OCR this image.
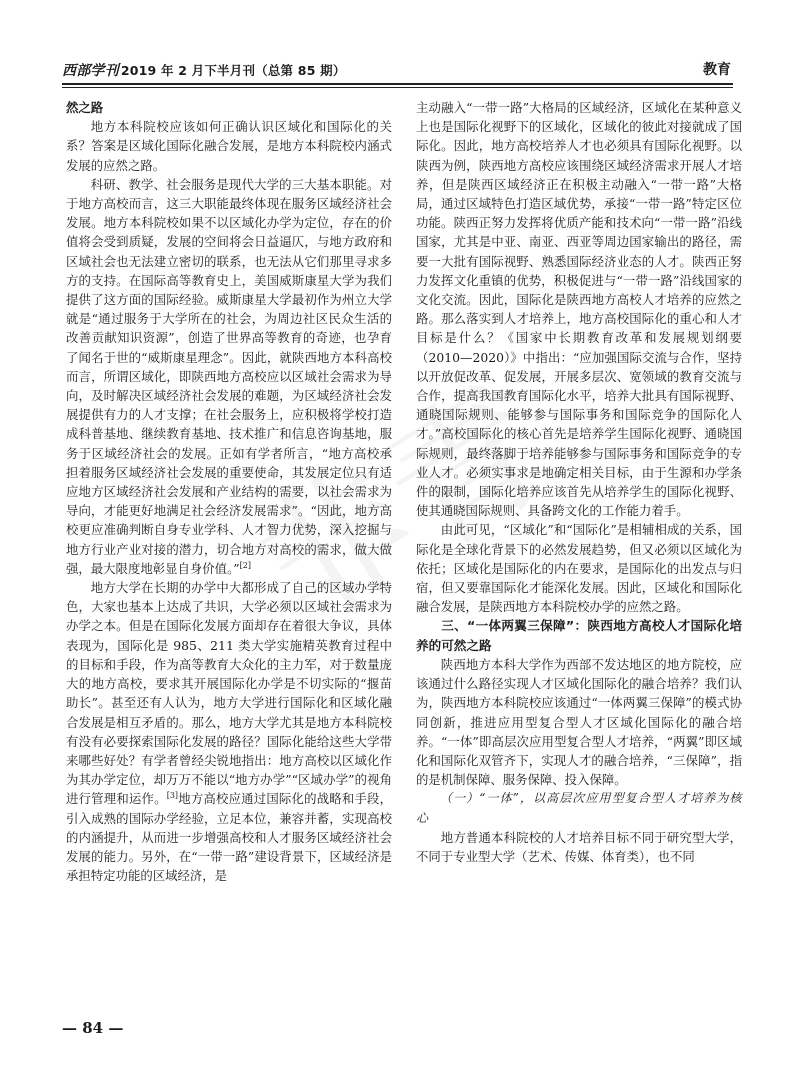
西部学刊 2019 年 2 月下半月刊（总第 85 期）	教育
然之路

地方本科院校应该如何正确认识区域化和国际化的关系？答案是区域化国际化融合发展，是地方本科院校内涵式发展的应然之路。

科研、教学、社会服务是现代大学的三大基本职能。对于地方高校而言，这三大职能最终体现在服务区域经济社会发展。地方本科院校如果不以区域化办学为定位，存在的价值将会受到质疑，发展的空间将会日益逼仄，与地方政府和区域社会也无法建立密切的联系，也无法从它们那里寻求多方的支持。在国际高等教育史上，美国威斯康星大学为我们提供了这方面的国际经验。威斯康星大学最初作为州立大学就是“通过服务于大学所在的社会，为周边社区民众生活的改善贡献知识资源”，创造了世界高等教育的奇迹，也孕育了闻名于世的“威斯康星理念”。因此，就陕西地方本科高校而言，所谓区域化，即陕西地方高校应以区域社会需求为导向，及时解决区域经济社会发展的难题，为区域经济社会发展提供有力的人才支撑；在社会服务上，应积极将学校打造成科普基地、继续教育基地、技术推广和信息咨询基地，服务于区域经济社会的发展。正如有学者所言，“地方高校承担着服务区域经济社会发展的重要使命，其发展定位只有适应地方区域经济社会发展和产业结构的需要，以社会需求为导向，才能更好地满足社会经济发展需求”。“因此，地方高校更应准确判断自身专业学科、人才智力优势，深入挖掘与地方行业产业对接的潜力，切合地方对高校的需求，做大做强，最大限度地彰显自身价值。”[2]

地方大学在长期的办学中大都形成了自己的区域办学特色，大家也基本上达成了共识，大学必须以区域社会需求为办学之本。但是在国际化发展方面却存在着很大争议，具体表现为，国际化是 985、211 类大学实施精英教育过程中的目标和手段，作为高等教育大众化的主力军，对于数量庞大的地方高校，要求其开展国际化办学是不切实际的“揠苗助长”。甚至还有人认为，地方大学进行国际化和区域化融合发展是相互矛盾的。那么，地方大学尤其是地方本科院校有没有必要探索国际化发展的路径？国际化能给这些大学带来哪些好处？有学者曾经尖锐地指出：地方高校以区域化作为其办学定位，却万万不能以“地方办学”“区域办学”的视角进行管理和运作。[3]地方高校应通过国际化的战略和手段，引入成熟的国际办学经验，立足本位，兼容并蓄，实现高校的内涵提升，从而进一步增强高校和人才服务区域经济社会发展的能力。另外，在“一带一路”建设背景下，区域经济是承担特定功能的区域经济，是

主动融入“一带一路”大格局的区域经济，区域化在某种意义上也是国际化视野下的区域化，区域化的彼此对接就成了国际化。因此，地方高校培养人才也必须具有国际化视野。以陕西为例，陕西地方高校应该围绕区域经济需求开展人才培养，但是陕西区域经济正在积极主动融入“一带一路”大格局，通过区域特色打造区域优势，承接“一带一路”特定区位功能。陕西正努力发挥将优质产能和技术向“一带一路”沿线国家，尤其是中亚、南亚、西亚等周边国家输出的路径，需要一大批有国际视野、熟悉国际经济业态的人才。陕西正努力发挥文化重镇的优势，积极促进与“一带一路”沿线国家的文化交流。因此，国际化是陕西地方高校人才培养的应然之路。那么落实到人才培养上，地方高校国际化的重心和人才目标是什么？《国家中长期教育改革和发展规划纲要（2010—2020）》中指出：“应加强国际交流与合作，坚持以开放促改革、促发展，开展多层次、宽领域的教育交流与合作，提高我国教育国际化水平，培养大批具有国际视野、通晓国际规则、能够参与国际事务和国际竞争的国际化人才。”高校国际化的核心首先是培养学生国际化视野、通晓国际规则，最终落脚于培养能够参与国际事务和国际竞争的专业人才。必须实事求是地确定相关目标，由于生源和办学条件的限制，国际化培养应该首先从培养学生的国际化视野、使其通晓国际规则、具备跨文化的工作能力着手。

由此可见，“区域化”和“国际化”是相辅相成的关系，国际化是全球化背景下的必然发展趋势，但又必须以区域化为依托；区域化是国际化的内在要求，是国际化的出发点与归宿，但又要靠国际化才能深化发展。因此，区域化和国际化融合发展，是陕西地方本科院校办学的应然之路。

三、“一体两翼三保障”：陕西地方高校人才国际化培养的可然之路

陕西地方本科大学作为西部不发达地区的地方院校，应该通过什么路径实现人才区域化国际化的融合培养？我们认为，陕西地方本科院校应该通过“一体两翼三保障”的模式协同创新，推进应用型复合型人才区域化国际化的融合培养。“一体”即高层次应用型复合型人才培养，“两翼”即区域化和国际化双管齐下，实现人才的融合培养，“三保障”，指的是机制保障、服务保障、投入保障。

（一）“一体”，以高层次应用型复合型人才培养为核心

地方普通本科院校的人才培养目标不同于研究型大学，不同于专业型大学（艺术、传媒、体育类），也不同

— 84 —
